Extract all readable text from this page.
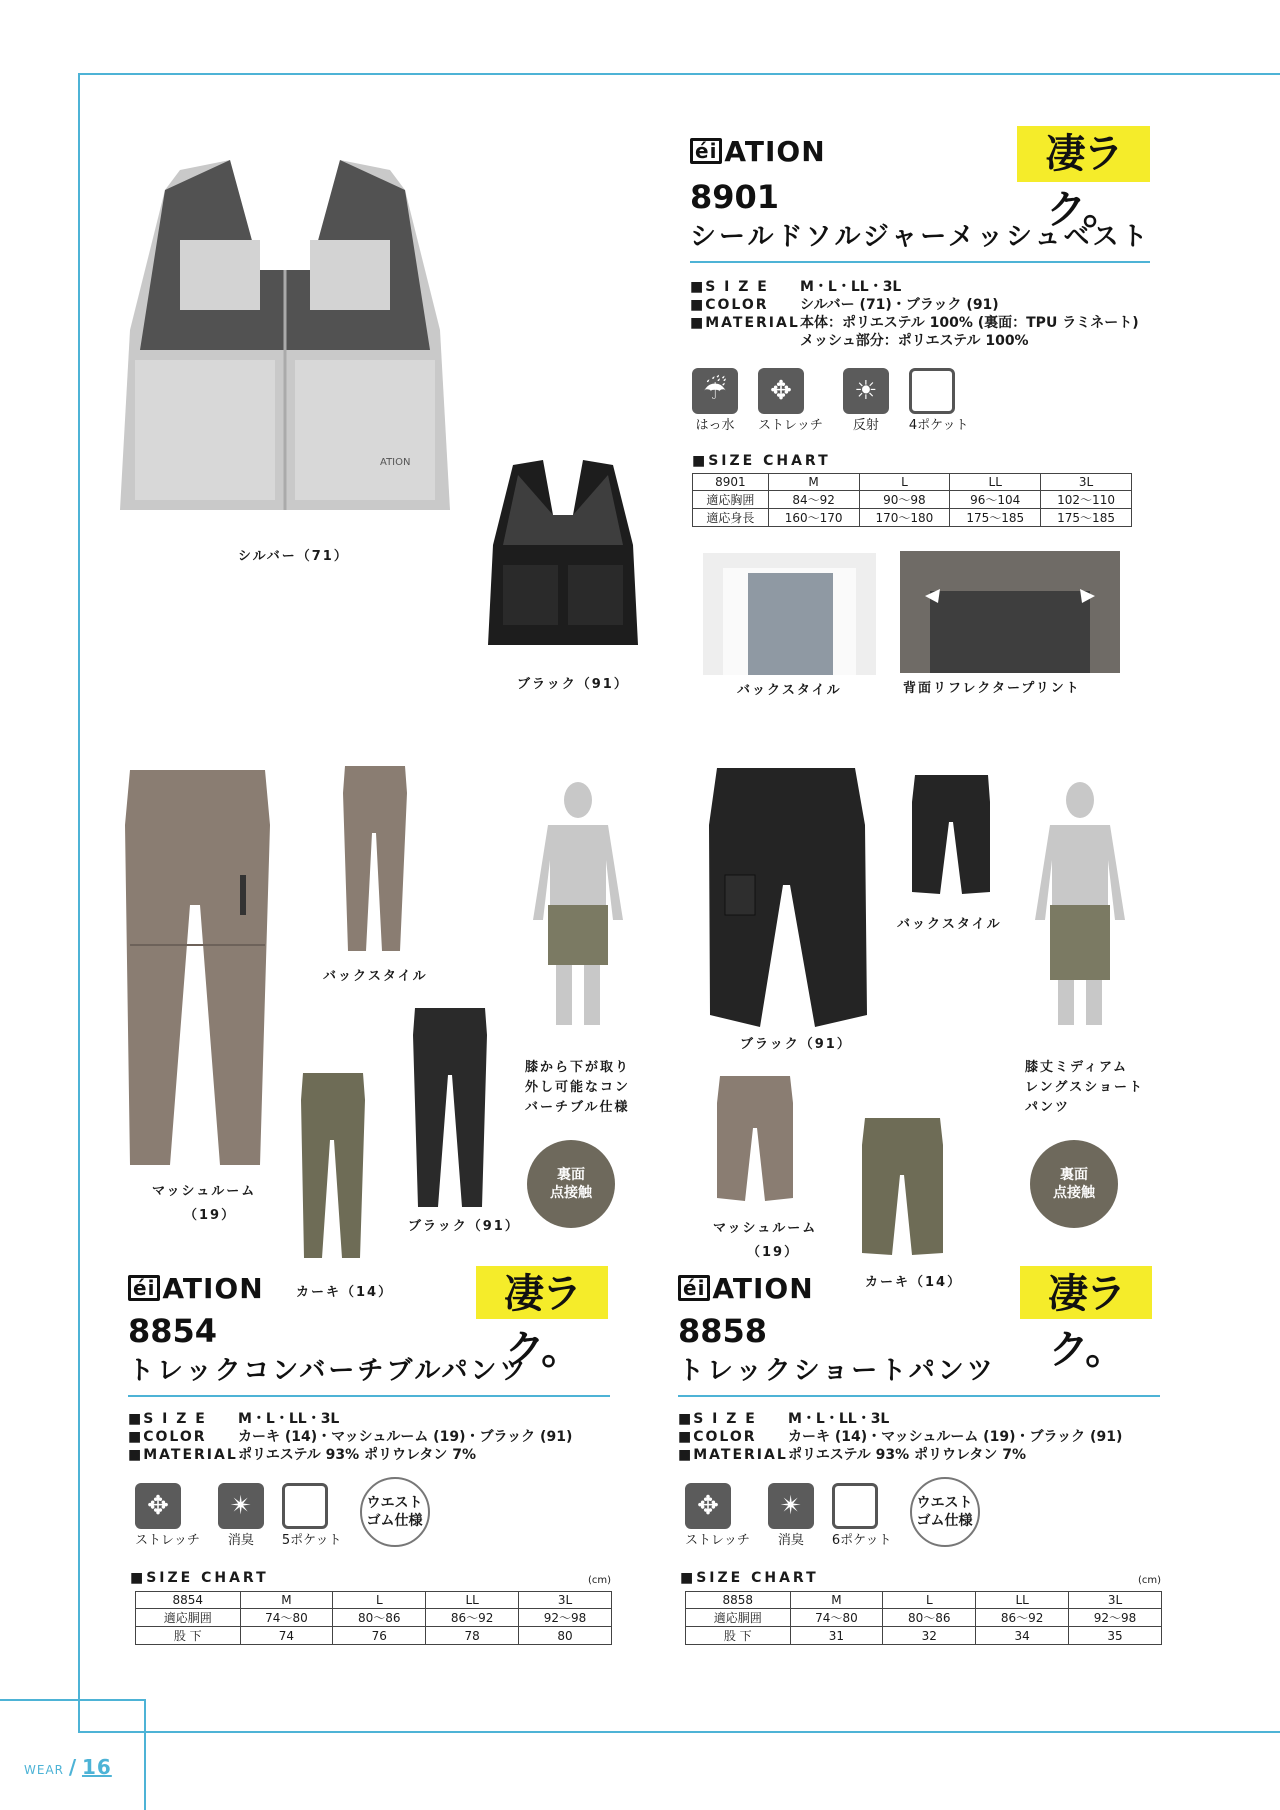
ATION
シルバー（71）
ブラック（91）
éi ATION	凄ラク。
8901
シールドソルジャーメッシュベスト
■S I Z E M・L・LL・3L
■COLOR シルバー (71)・ブラック (91)
■MATERIAL本体：ポリエステル 100% (裏面：TPU ラミネート)
メッシュ部分：ポリエステル 100%
☔
はっ水
✥
ストレッチ
☀
反射	4ポケット
■SIZE CHART
8901	M	L	LL	3L
適応胸囲	84～92	90～98	96～104	102～110
適応身長	160～170	170～180	175～185	175～185
バックスタイル	背面リフレクタープリント
マッシュルーム
（19）
バックスタイル
膝から下が取り
外し可能なコン
バーチブル仕様
ブラック（91）
カーキ（14）
裏面
点接触
éi ATION	凄ラク。
8854
トレックコンバーチブルパンツ
■S I Z E M・L・LL・3L
■COLOR カーキ (14)・マッシュルーム (19)・ブラック (91)
■MATERIALポリエステル 93% ポリウレタン 7%
✥
ストレッチ
✴
消臭	5ポケット
ウエスト
ゴム仕様
■SIZE CHART	(cm)
8854	M	L	LL	3L
適応胴囲	74～80	80～86	86～92	92～98
股 下	74	76	78	80
ブラック（91）
バックスタイル
膝丈ミディアム
レングスショート
パンツ
マッシュルーム
（19）
カーキ（14）
裏面
点接触
éi ATION	凄ラク。
8858
トレックショートパンツ
■S I Z E M・L・LL・3L
■COLOR カーキ (14)・マッシュルーム (19)・ブラック (91)
■MATERIALポリエステル 93% ポリウレタン 7%
✥
ストレッチ
✴
消臭	6ポケット
ウエスト
ゴム仕様
■SIZE CHART	(cm)
8858	M	L	LL	3L
適応胴囲	74～80	80～86	86～92	92～98
股 下	31	32	34	35
WEAR / 16
